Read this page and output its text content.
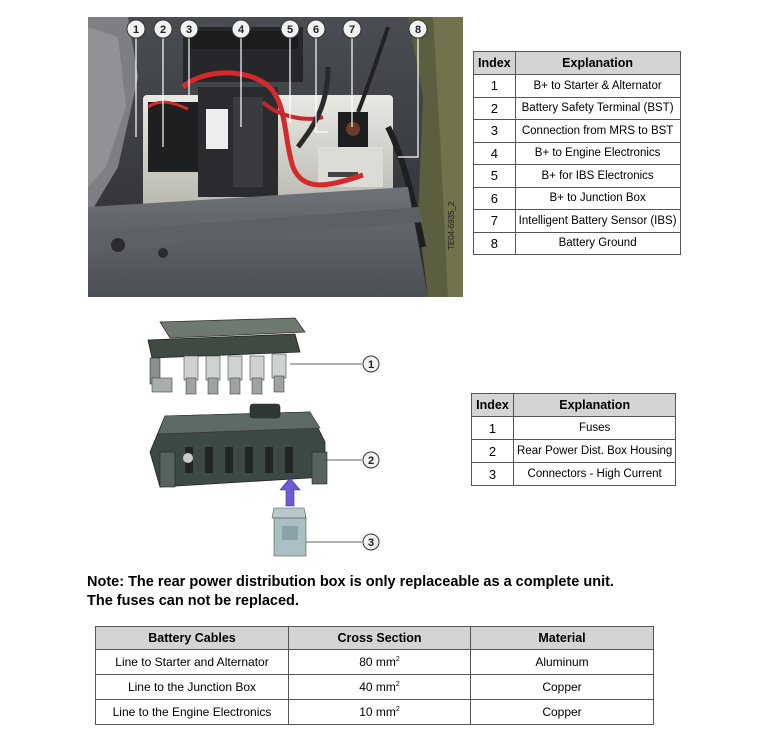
1 2 3	4	5 6	7	8
TE04-6935_2
Index	Explanation
1	B+ to Starter & Alternator
2	Battery Safety Terminal (BST)
3	Connection from MRS to BST
4	B+ to Engine Electronics
5	B+ for IBS Electronics
6	B+ to Junction Box
7	Intelligent Battery Sensor (IBS)
8	Battery Ground
1
2
3
Index	Explanation
1	Fuses
2	Rear Power Dist. Box Housing
3	Connectors - High Current
Note: The rear power distribution box is only replaceable as a complete unit.
The fuses can not be replaced.
Battery Cables	Cross Section	Material
Line to Starter and Alternator	80 $mm^2$	Aluminum
Line to the Junction Box	40 $mm^2$	Copper
Line to the Engine Electronics	10 $mm^2$	Copper
